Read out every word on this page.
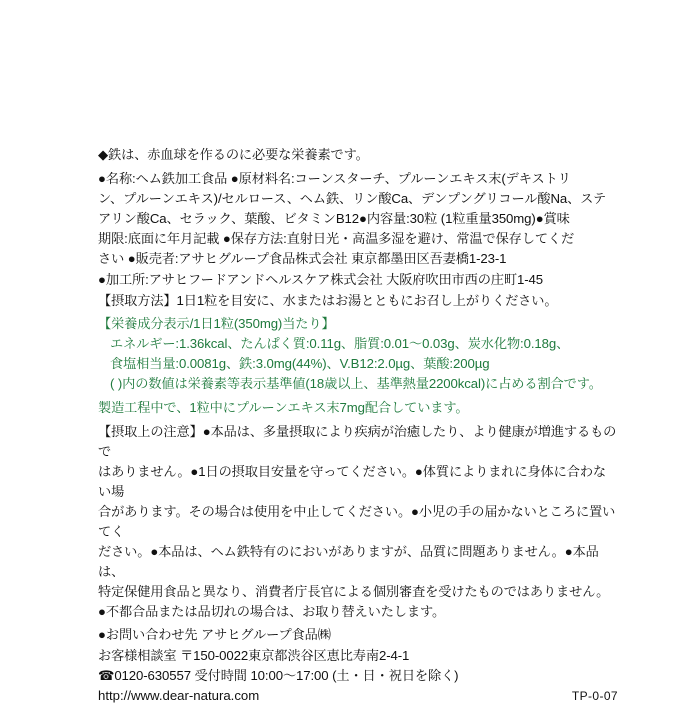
◆鉄は、赤血球を作るのに必要な栄養素です。
●名称:ヘム鉄加工食品 ●原材料名:コーンスターチ、プルーンエキス末(デキストリ
ン、プルーンエキス)/セルロース、ヘム鉄、リン酸Ca、デンプングリコール酸Na、ステ
アリン酸Ca、セラック、葉酸、ビタミンB12●内容量:30粒 (1粒重量350mg)●賞味
期限:底面に年月記載 ●保存方法:直射日光・高温多湿を避け、常温で保存してくだ
さい ●販売者:アサヒグループ食品株式会社 東京都墨田区吾妻橋1-23-1
●加工所:アサヒフードアンドヘルスケア株式会社 大阪府吹田市西の庄町1-45
【摂取方法】1日1粒を目安に、水またはお湯とともにお召し上がりください。
【栄養成分表示/1日1粒(350mg)当たり】
エネルギー:1.36kcal、たんぱく質:0.11g、脂質:0.01〜0.03g、炭水化物:0.18g、
食塩相当量:0.0081g、鉄:3.0mg(44%)、V.B12:2.0µg、葉酸:200µg
( )内の数値は栄養素等表示基準値(18歳以上、基準熱量2200kcal)に占める割合です。
製造工程中で、1粒中にプルーンエキス末7mg配合しています。
【摂取上の注意】●本品は、多量摂取により疾病が治癒したり、より健康が増進するもので
はありません。●1日の摂取目安量を守ってください。●体質によりまれに身体に合わない場
合があります。その場合は使用を中止してください。●小児の手の届かないところに置いてく
ださい。●本品は、ヘム鉄特有のにおいがありますが、品質に問題ありません。●本品は、
特定保健用食品と異なり、消費者庁長官による個別審査を受けたものではありません。
●不都合品または品切れの場合は、お取り替えいたします。
●お問い合わせ先 アサヒグループ食品㈱
お客様相談室 〒150-0022東京都渋谷区恵比寿南2-4-1
☎0120-630557 受付時間 10:00〜17:00 (土・日・祝日を除く)
http://www.dear-natura.com	TP-0-07
